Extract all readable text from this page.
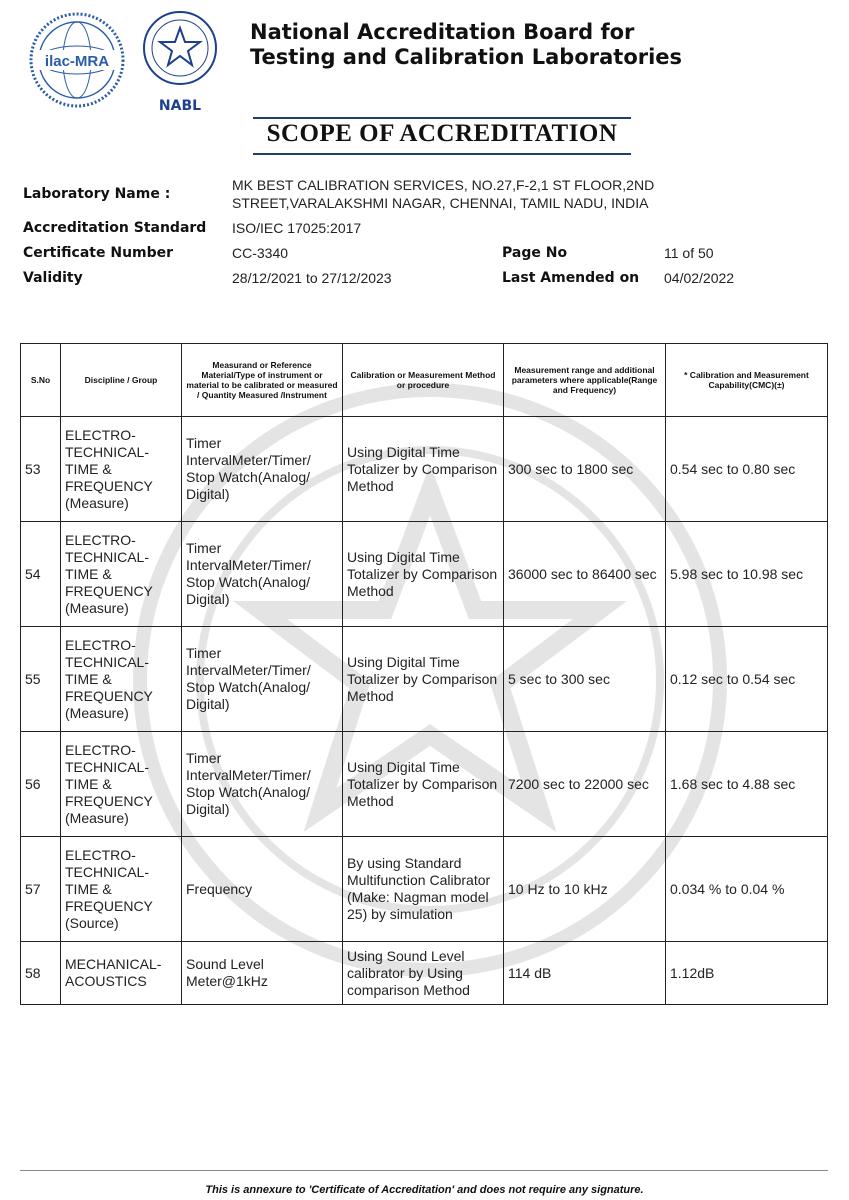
ilac-MRA
NABL
National Accreditation Board for
Testing and Calibration Laboratories
SCOPE OF ACCREDITATION
Laboratory Name :
MK BEST CALIBRATION SERVICES, NO.27,F-2,1 ST FLOOR,2ND
STREET,VARALAKSHMI NAGAR, CHENNAI, TAMIL NADU, INDIA
Accreditation Standard ISO/IEC 17025:2017
Certificate Number	CC-3340	Page No	11 of 50
Validity	28/12/2021 to 27/12/2023	Last Amended on 04/02/2022
S.No	Discipline / Group	Measurand or Reference Material/Type of instrument or material to be calibrated or measured / Quantity Measured /Instrument	Calibration or Measurement Method or procedure	Measurement range and additional parameters where applicable(Range and Frequency)	* Calibration and Measurement Capability(CMC)(±)
53	ELECTRO-TECHNICAL-TIME & FREQUENCY (Measure)	Timer IntervalMeter/Timer/ Stop Watch(Analog/ Digital)	Using Digital Time Totalizer by Comparison Method	300 sec to 1800 sec	0.54 sec to 0.80 sec
54	ELECTRO-TECHNICAL-TIME & FREQUENCY (Measure)	Timer IntervalMeter/Timer/ Stop Watch(Analog/ Digital)	Using Digital Time Totalizer by Comparison Method	36000 sec to 86400 sec	5.98 sec to 10.98 sec
55	ELECTRO-TECHNICAL-TIME & FREQUENCY (Measure)	Timer IntervalMeter/Timer/ Stop Watch(Analog/ Digital)	Using Digital Time Totalizer by Comparison Method	5 sec to 300 sec	0.12 sec to 0.54 sec
56	ELECTRO-TECHNICAL-TIME & FREQUENCY (Measure)	Timer IntervalMeter/Timer/ Stop Watch(Analog/ Digital)	Using Digital Time Totalizer by Comparison Method	7200 sec to 22000 sec	1.68 sec to 4.88 sec
57	ELECTRO-TECHNICAL-TIME & FREQUENCY (Source)	Frequency	By using Standard Multifunction Calibrator (Make: Nagman model 25) by simulation	10 Hz to 10 kHz	0.034 % to 0.04 %
58	MECHANICAL-ACOUSTICS	Sound Level Meter@1kHz	Using Sound Level calibrator by Using comparison Method	114 dB	1.12dB
This is annexure to 'Certificate of Accreditation' and does not require any signature.
